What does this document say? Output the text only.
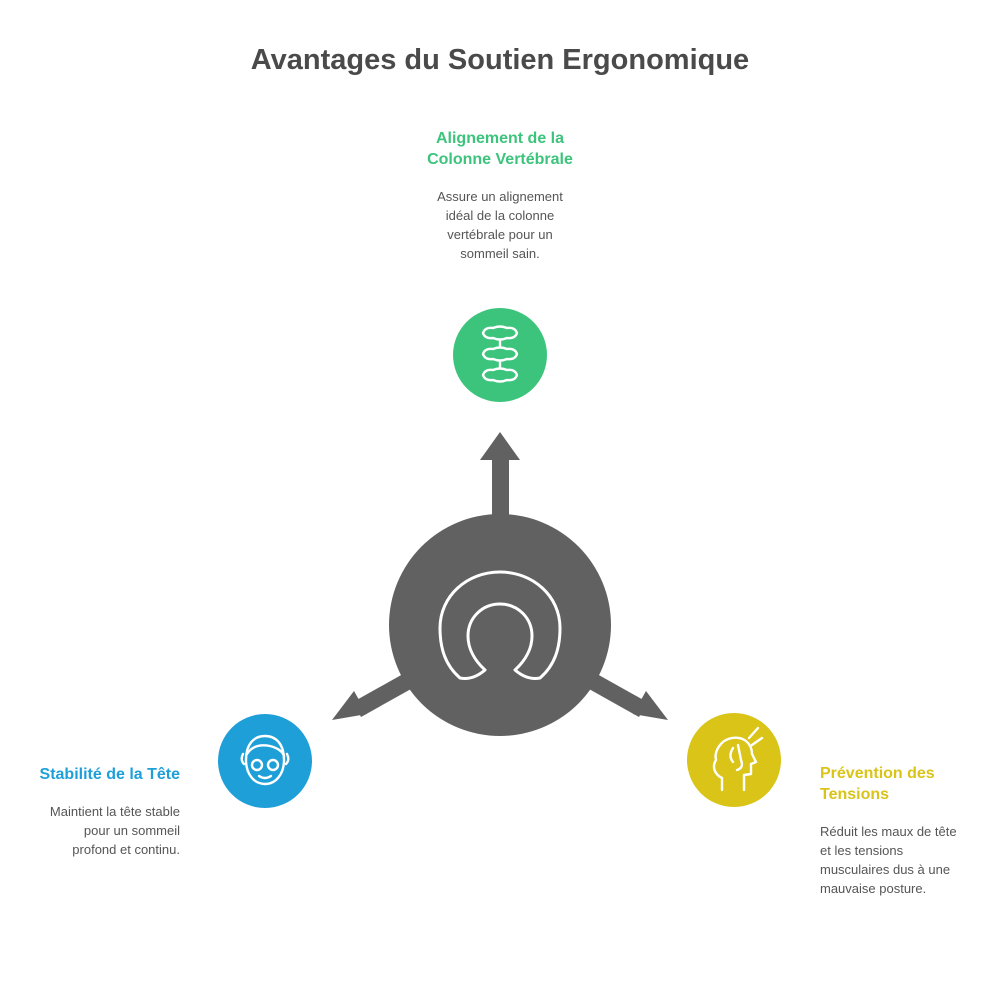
Avantages du Soutien Ergonomique
Alignement de la
Colonne Vertébrale
Assure un alignement
idéal de la colonne
vertébrale pour un
sommeil sain.
Stabilité de la Tête
Maintient la tête stable
pour un sommeil
profond et continu.
Prévention des
Tensions
Réduit les maux de tête
et les tensions
musculaires dus à une
mauvaise posture.
